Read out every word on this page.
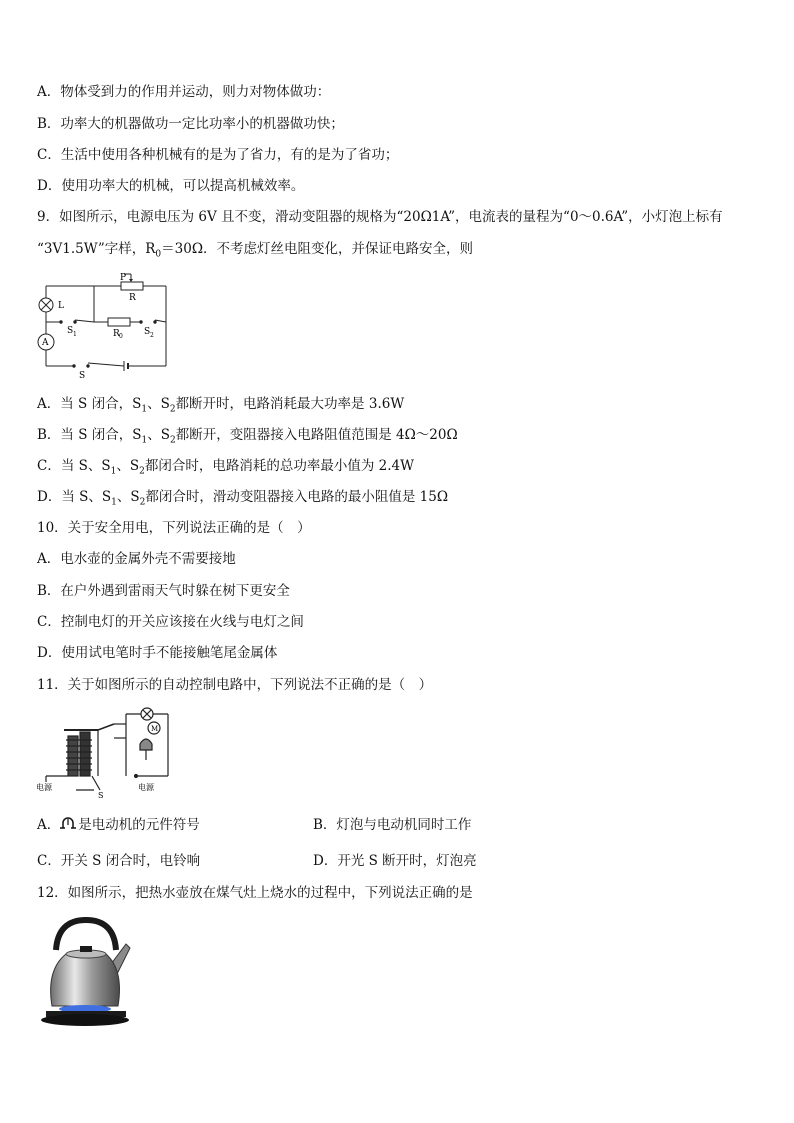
A．物体受到力的作用并运动，则力对物体做功：
B．功率大的机器做功一定比功率小的机器做功快；
C．生活中使用各种机械有的是为了省力，有的是为了省功；
D．使用功率大的机械，可以提高机械效率。
9．如图所示，电源电压为 6V 且不变，滑动变阻器的规格为“20Ω1A”，电流表的量程为“0～0.6A”，小灯泡上标有
“3V1.5W”字样，$R_0=30\Omega$．不考虑灯丝电阻变化，并保证电路安全，则
P
R
L
S 1	R 0 S 2
A
S
A．当 S 闭合，$S_1$、$S_2$都断开时，电路消耗最大功率是 3.6W
B．当 S 闭合，$S_1$、$S_2$都断开，变阻器接入电路阻值范围是 4Ω～20Ω
C．当 S、$S_1$、$S_2$都闭合时，电路消耗的总功率最小值为 2.4W
D．当 S、$S_1$、$S_2$都闭合时，滑动变阻器接入电路的最小阻值是 15Ω
10．关于安全用电，下列说法正确的是（　）
A．电水壶的金属外壳不需要接地
B．在户外遇到雷雨天气时躲在树下更安全
C．控制电灯的开关应该接在火线与电灯之间
D．使用试电笔时手不能接触笔尾金属体
11．关于如图所示的自动控制电路中，下列说法不正确的是（　）
M
电源	电源
S
A． 是电动机的元件符号	B．灯泡与电动机同时工作
C．开关 S 闭合时，电铃响	D．开光 S 断开时，灯泡亮
12．如图所示，把热水壶放在煤气灶上烧水的过程中，下列说法正确的是
